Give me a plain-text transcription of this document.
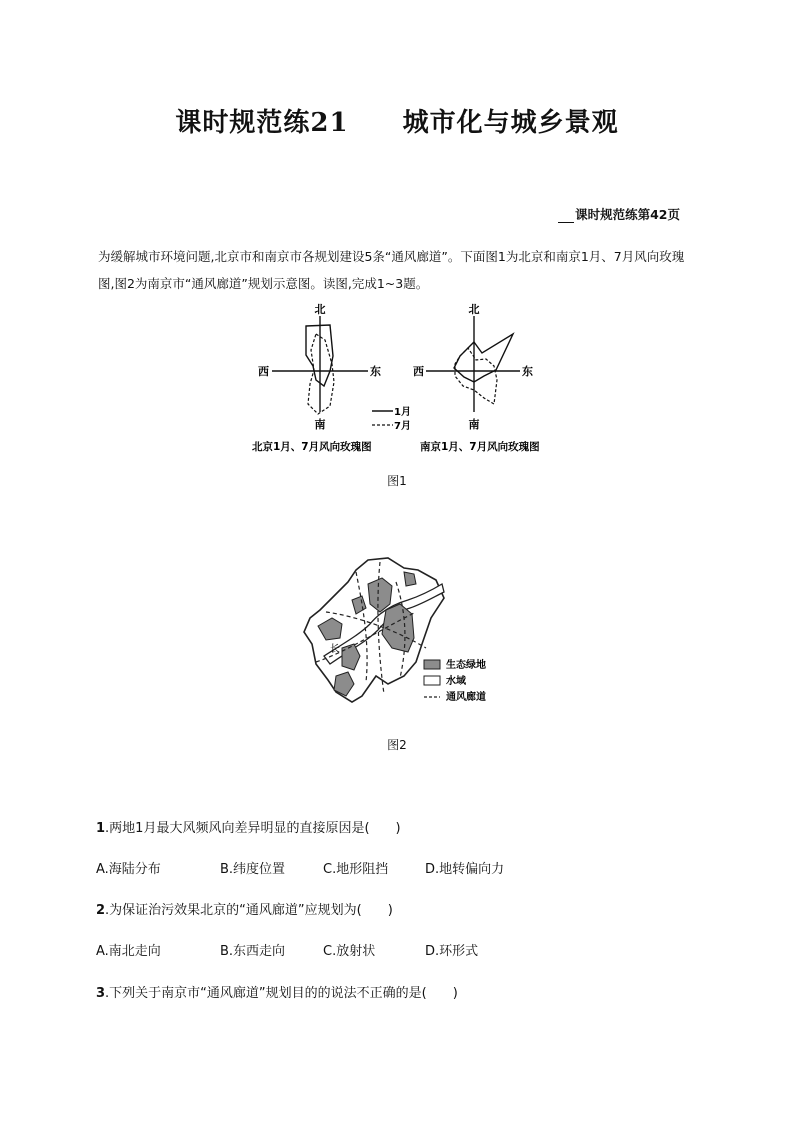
课时规范练21　　城市化与城乡景观
课时规范练第42页
为缓解城市环境问题,北京市和南京市各规划建设5条“通风廊道”。下面图1为北京和南京1月、7月风向玫瑰图,图2为南京市“通风廊道”规划示意图。读图,完成1~3题。
北
南
西	东
1月
7月
北
南
西	东
北京1月、7月风向玫瑰图	南京1月、7月风向玫瑰图
图1
长
生态绿地
水域
通风廊道
图2
1.两地1月最大风频风向差异明显的直接原因是(　　)
A.海陆分布	B.纬度位置	C.地形阻挡	D.地转偏向力
2.为保证治污效果北京的“通风廊道”应规划为(　　)
A.南北走向	B.东西走向	C.放射状	D.环形式
3.下列关于南京市“通风廊道”规划目的的说法不正确的是(　　)
